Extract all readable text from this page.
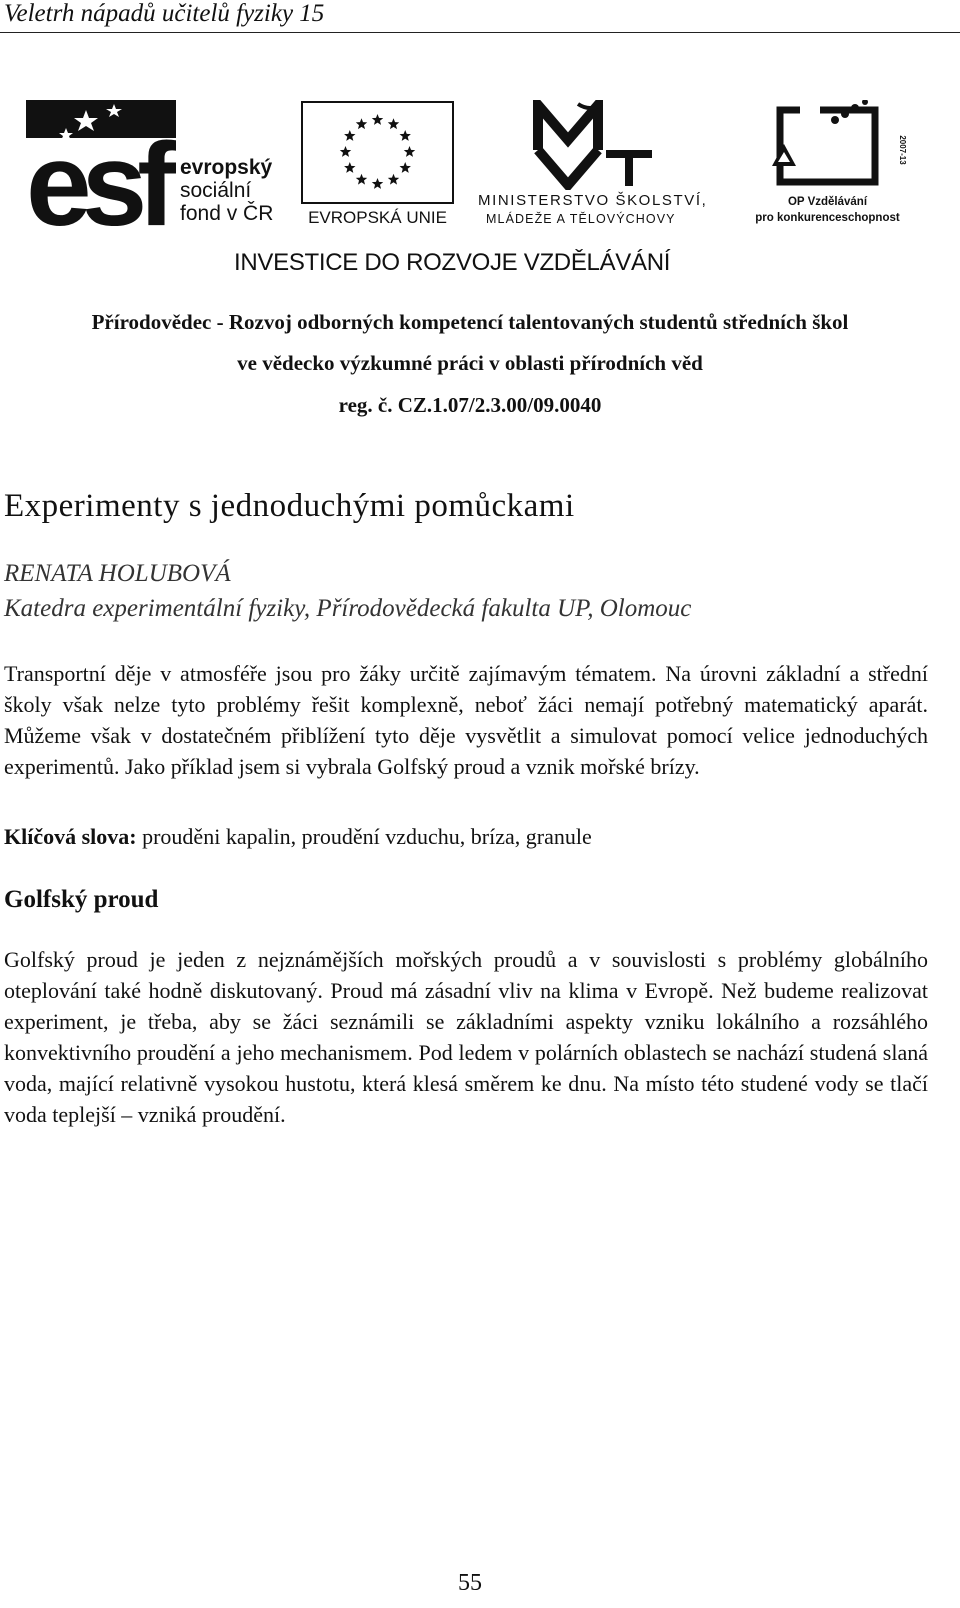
Veletrh nápadů učitelů fyziky 15
esf evropský
sociální
fond v ČR	EVROPSKÁ UNIE
MINISTERSTVO ŠKOLSTVÍ,
MLÁDEŽE A TĚLOVÝCHOVY
2007-13
OP Vzdělávání
pro konkurenceschopnost
INVESTICE DO ROZVOJE VZDĚLÁVÁNÍ
Přírodovědec - Rozvoj odborných kompetencí talentovaných studentů středních škol
ve vědecko výzkumné práci v oblasti přírodních věd
reg. č. CZ.1.07/2.3.00/09.0040
Experimenty s jednoduchými pomůckami
RENATA HOLUBOVÁ
Katedra experimentální fyziky, Přírodovědecká fakulta UP, Olomouc
Transportní děje v atmosféře jsou pro žáky určitě zajímavým tématem. Na úrovni základní a střední školy však nelze tyto problémy řešit komplexně, neboť žáci nemají potřebný matematický aparát. Můžeme však v dostatečném přiblížení tyto děje vysvětlit a simulovat pomocí velice jednoduchých experimentů. Jako příklad jsem si vybrala Golfský proud a vznik mořské brízy.
Klíčová slova: prouděni kapalin, proudění vzduchu, bríza, granule
Golfský proud
Golfský proud je jeden z nejznámějších mořských proudů a v souvislosti s problémy globálního oteplování také hodně diskutovaný. Proud má zásadní vliv na klima v Evropě. Než budeme realizovat experiment, je třeba, aby se žáci seznámili se základními aspekty vzniku lokálního a rozsáhlého konvektivního proudění a jeho mechanismem. Pod ledem v polárních oblastech se nachází studená slaná voda, mající relativně vysokou hustotu, která klesá směrem ke dnu. Na místo této studené vody se tlačí voda teplejší – vzniká proudění.
55
